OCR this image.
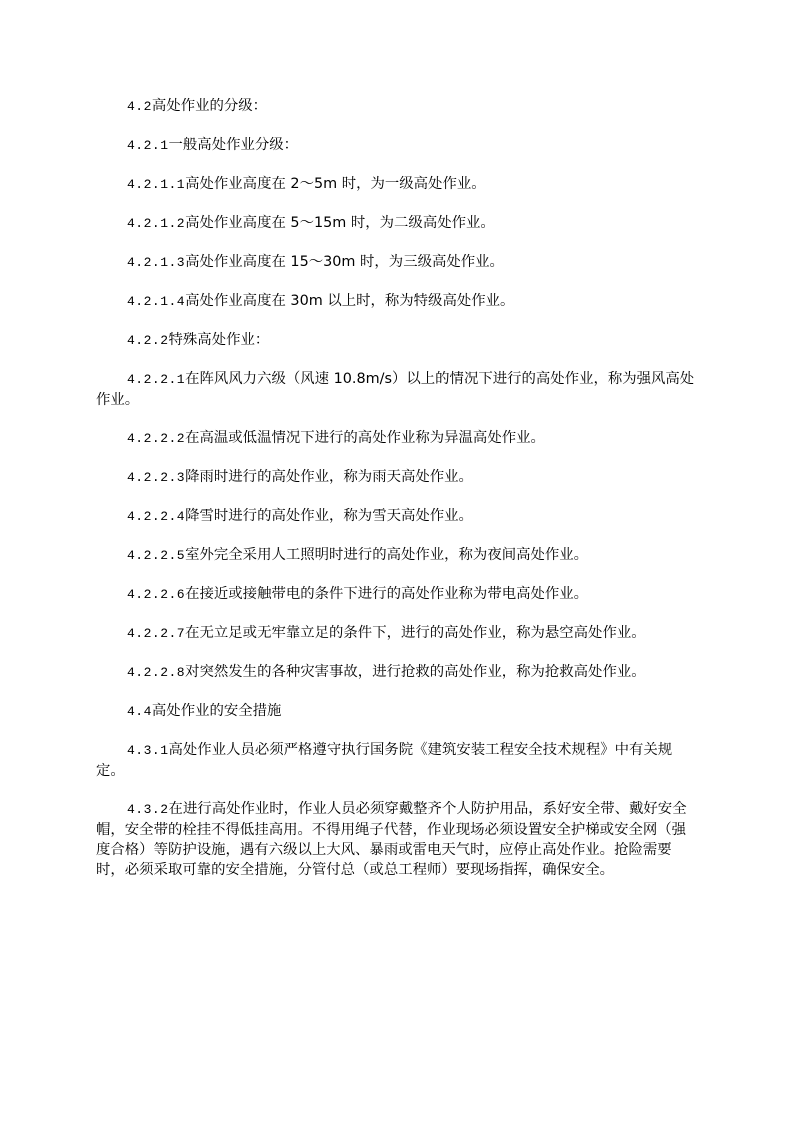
4.2高处作业的分级：

4.2.1一般高处作业分级：

4.2.1.1高处作业高度在 2～5m 时，为一级高处作业。

4.2.1.2高处作业高度在 5～15m 时，为二级高处作业。

4.2.1.3高处作业高度在 15～30m 时，为三级高处作业。

4.2.1.4高处作业高度在 30m 以上时，称为特级高处作业。

4.2.2特殊高处作业：

4.2.2.1在阵风风力六级（风速 10.8m/s）以上的情况下进行的高处作业，称为强风高处作业。

4.2.2.2在高温或低温情况下进行的高处作业称为异温高处作业。

4.2.2.3降雨时进行的高处作业，称为雨天高处作业。

4.2.2.4降雪时进行的高处作业，称为雪天高处作业。

4.2.2.5室外完全采用人工照明时进行的高处作业，称为夜间高处作业。

4.2.2.6在接近或接触带电的条件下进行的高处作业称为带电高处作业。

4.2.2.7在无立足或无牢靠立足的条件下，进行的高处作业，称为悬空高处作业。

4.2.2.8对突然发生的各种灾害事故，进行抢救的高处作业，称为抢救高处作业。

4.4高处作业的安全措施

4.3.1高处作业人员必须严格遵守执行国务院《建筑安装工程安全技术规程》中有关规定。

4.3.2在进行高处作业时，作业人员必须穿戴整齐个人防护用品，系好安全带、戴好安全帽，安全带的栓挂不得低挂高用。不得用绳子代替，作业现场必须设置安全护梯或安全网（强度合格）等防护设施，遇有六级以上大风、暴雨或雷电天气时，应停止高处作业。抢险需要时，必须采取可靠的安全措施，分管付总（或总工程师）要现场指挥，确保安全。
